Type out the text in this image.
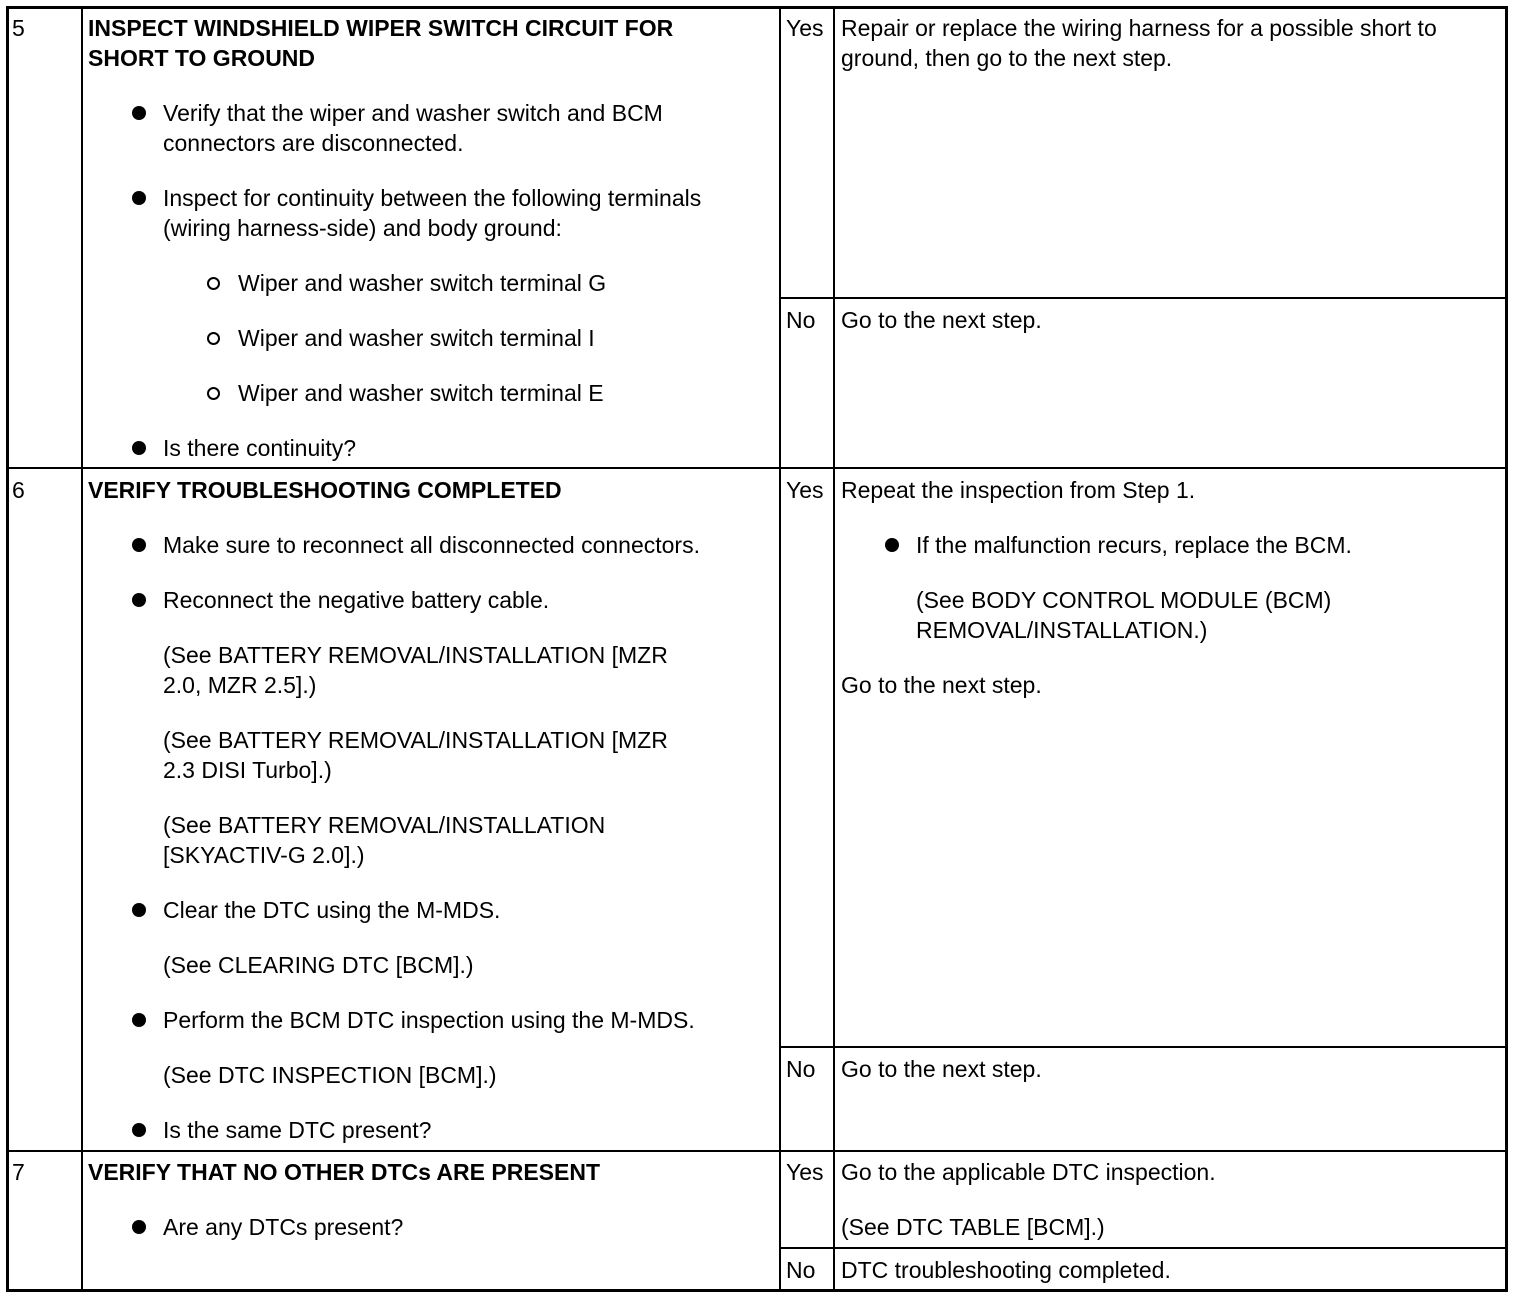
5	INSPECT WINDSHIELD WIPER SWITCH CIRCUIT FOR
SHORT TO GROUND
Verify that the wiper and washer switch and BCM
connectors are disconnected.
Inspect for continuity between the following terminals
(wiring harness-side) and body ground:
Wiper and washer switch terminal G
Wiper and washer switch terminal I
Wiper and washer switch terminal E
Is there continuity?
Yes Repair or replace the wiring harness for a possible short to
ground, then go to the next step.
No Go to the next step.
6	VERIFY TROUBLESHOOTING COMPLETED
Make sure to reconnect all disconnected connectors.
Reconnect the negative battery cable.
(See BATTERY REMOVAL/INSTALLATION [MZR
2.0, MZR 2.5].)
(See BATTERY REMOVAL/INSTALLATION [MZR
2.3 DISI Turbo].)
(See BATTERY REMOVAL/INSTALLATION
[SKYACTIV-G 2.0].)
Clear the DTC using the M-MDS.
(See CLEARING DTC [BCM].)
Perform the BCM DTC inspection using the M-MDS.
(See DTC INSPECTION [BCM].)
Is the same DTC present?
Yes Repeat the inspection from Step 1.
If the malfunction recurs, replace the BCM.
(See BODY CONTROL MODULE (BCM)
REMOVAL/INSTALLATION.)
Go to the next step.
No Go to the next step.
7	VERIFY THAT NO OTHER DTCs ARE PRESENT
Are any DTCs present?
Yes Go to the applicable DTC inspection.
(See DTC TABLE [BCM].)
No DTC troubleshooting completed.
